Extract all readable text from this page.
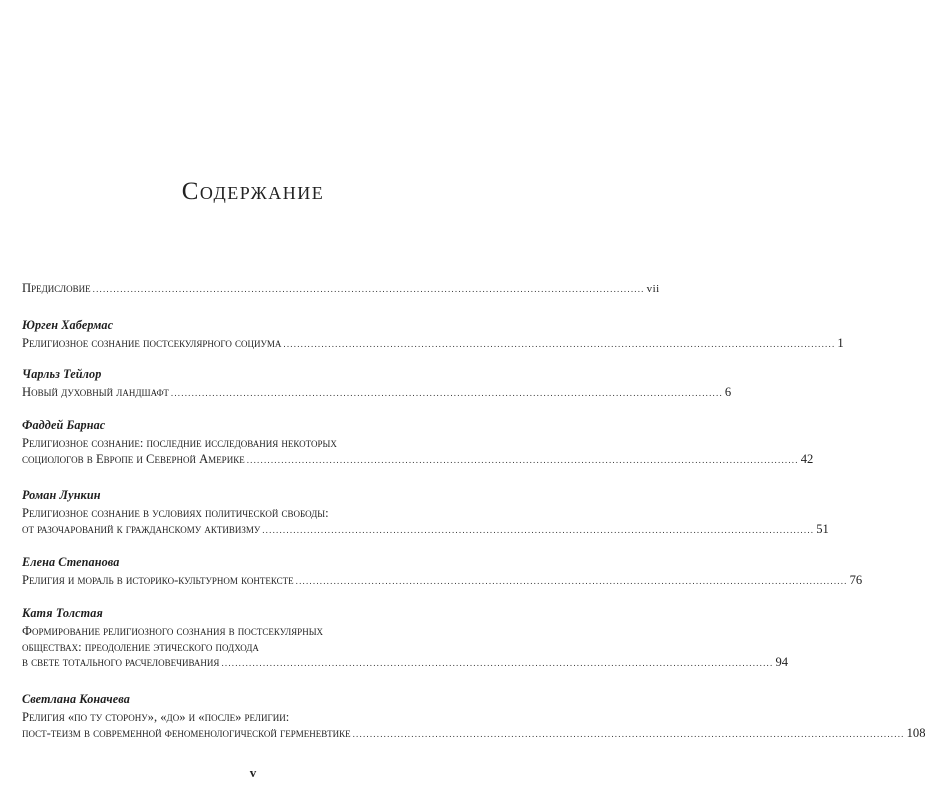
Содержание
Предисловие ................................................................................................................................................................ vii
Юрген Хабермас
Религиозное сознание постсекулярного социума ................................................................................................................................................................ 1
Чарльз Тейлор
Новый духовный ландшафт ................................................................................................................................................................ 6
Фаддей Барнас
Религиозное сознание: последние исследования некоторых
социологов в Европе и Северной Америке ................................................................................................................................................................ 42
Роман Лункин
Религиозное сознание в условиях политической свободы:
от разочарований к гражданскому активизму ................................................................................................................................................................ 51
Елена Степанова
Религия и мораль в историко-культурном контексте ................................................................................................................................................................ 76
Катя Толстая
Формирование религиозного сознания в постсекулярных
обществах: преодоление этического подхода
в свете тотального расчеловечивания ................................................................................................................................................................ 94
Светлана Коначева
Религия «по ту сторону», «до» и «после» религии:
пост-теизм в современной феноменологической герменевтике ................................................................................................................................................................ 108
v
